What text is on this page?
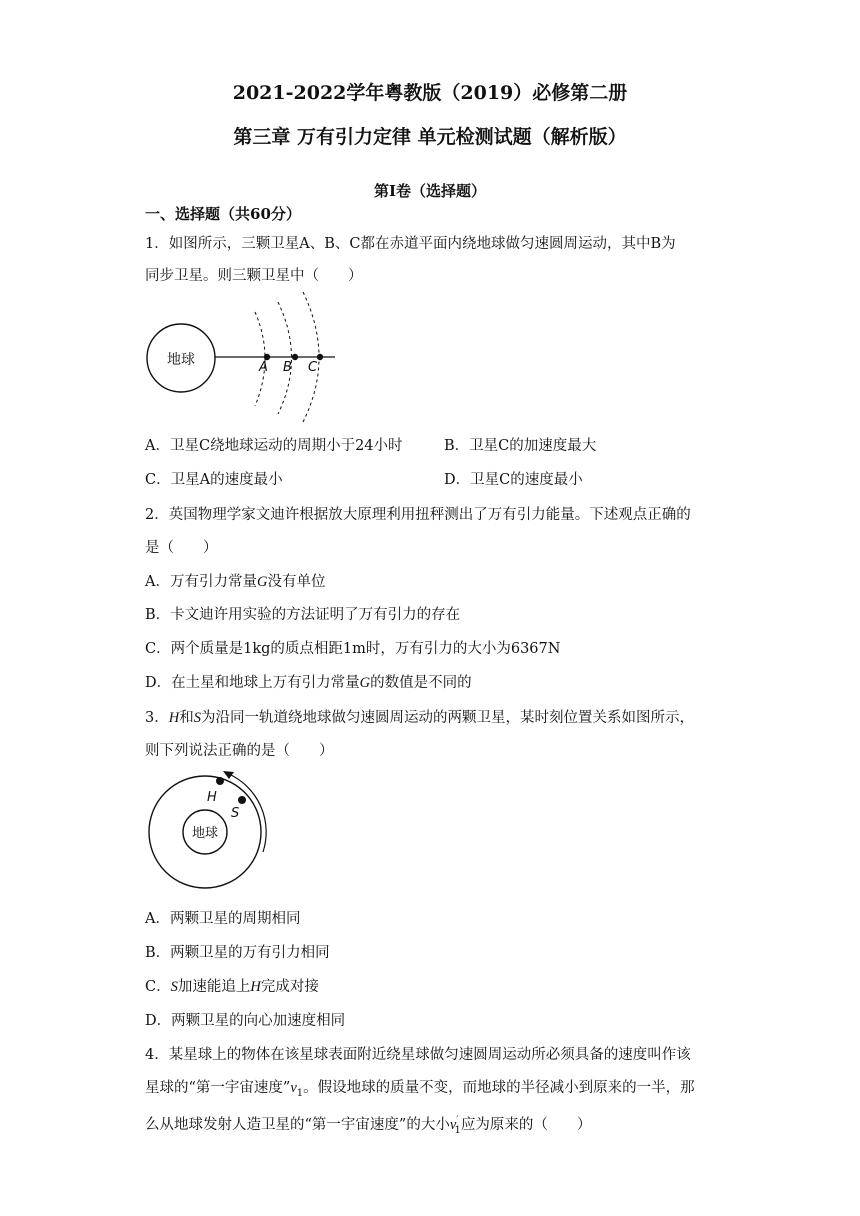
2021-2022学年粤教版（2019）必修第二册
第三章 万有引力定律 单元检测试题（解析版）
第Ⅰ卷（选择题）
一、选择题（共60分）
1．如图所示，三颗卫星A、B、C都在赤道平面内绕地球做匀速圆周运动，其中B为
同步卫星。则三颗卫星中（　　）
地球	A B C
A．卫星C绕地球运动的周期小于24小时	B．卫星C的加速度最大
C．卫星A的速度最小	D．卫星C的速度最小
2．英国物理学家文迪许根据放大原理利用扭秤测出了万有引力能量。下述观点正确的
是（　　）
A．万有引力常量G没有单位
B．卡文迪许用实验的方法证明了万有引力的存在
C．两个质量是1kg的质点相距1m时，万有引力的大小为6367N
D．在土星和地球上万有引力常量G的数值是不同的
3．H和S为沿同一轨道绕地球做匀速圆周运动的两颗卫星，某时刻位置关系如图所示，
则下列说法正确的是（　　）
地球
H
S
A．两颗卫星的周期相同
B．两颗卫星的万有引力相同
C．S加速能追上H完成对接
D．两颗卫星的向心加速度相同
4．某星球上的物体在该星球表面附近绕星球做匀速圆周运动所必须具备的速度叫作该
星球的“第一宇宙速度$”v_1$。假设地球的质量不变，而地球的半径减小到原来的一半，那
么从地球发射人造卫星的“第一宇宙速度”的大小$v'_1$应为原来的（　　）
